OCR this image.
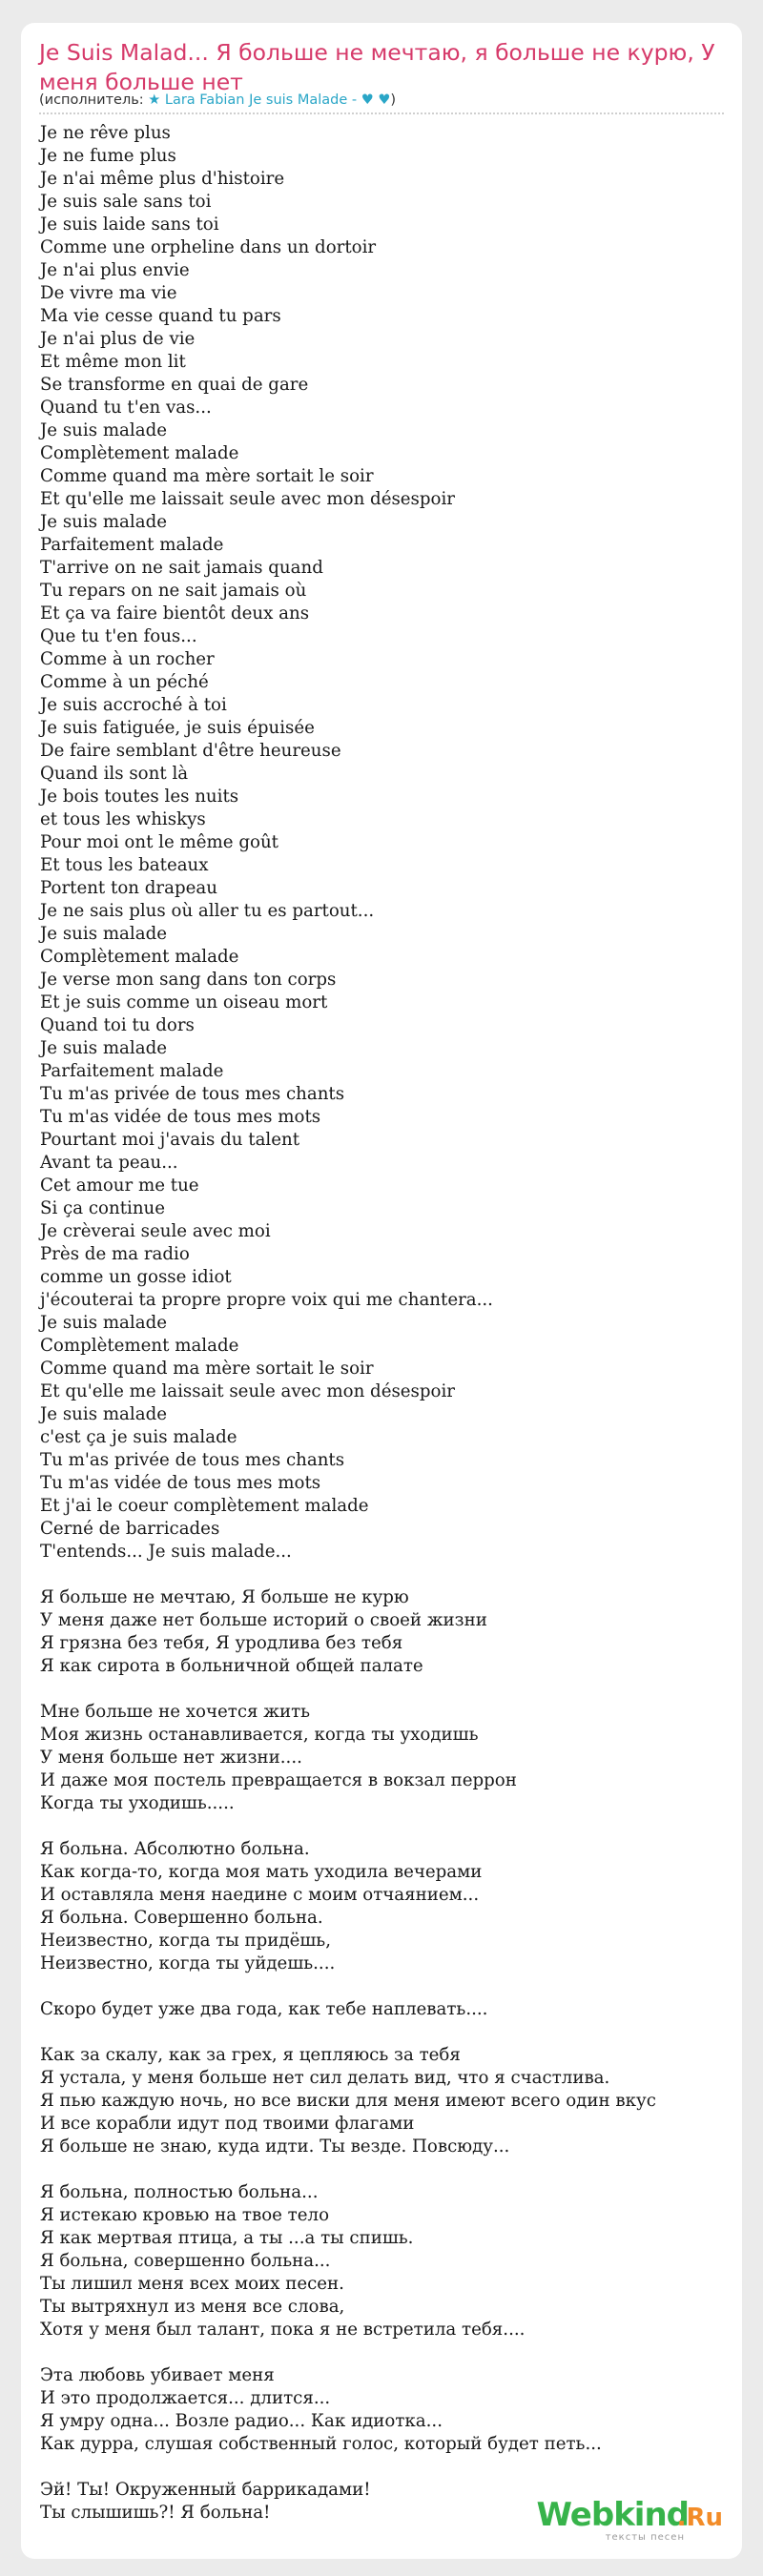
Je Suis Malad... Я больше не мечтаю, я больше не курю, У меня больше нет
(исполнитель: ★ Lara Fabian Je suis Malade - ♥ ♥)
Je ne rêve plus
Je ne fume plus
Je n'ai même plus d'histoire
Je suis sale sans toi
Je suis laide sans toi
Comme une orpheline dans un dortoir
Je n'ai plus envie
De vivre ma vie
Ma vie cesse quand tu pars
Je n'ai plus de vie
Et même mon lit
Se transforme en quai de gare
Quand tu t'en vas...
Je suis malade
Complètement malade
Comme quand ma mère sortait le soir
Et qu'elle me laissait seule avec mon désespoir
Je suis malade
Parfaitement malade
T'arrive on ne sait jamais quand
Tu repars on ne sait jamais où
Et ça va faire bientôt deux ans
Que tu t'en fous...
Comme à un rocher
Comme à un péché
Je suis accroché à toi
Je suis fatiguée, je suis épuisée
De faire semblant d'être heureuse
Quand ils sont là
Je bois toutes les nuits
et tous les whiskys
Pour moi ont le même goût
Et tous les bateaux
Portent ton drapeau
Je ne sais plus où aller tu es partout...
Je suis malade
Complètement malade
Je verse mon sang dans ton corps
Et je suis comme un oiseau mort
Quand toi tu dors
Je suis malade
Parfaitement malade
Tu m'as privée de tous mes chants
Tu m'as vidée de tous mes mots
Pourtant moi j'avais du talent
Avant ta peau...
Cet amour me tue
Si ça continue
Je crèverai seule avec moi
Près de ma radio
comme un gosse idiot
j'écouterai ta propre propre voix qui me chantera...
Je suis malade
Complètement malade
Comme quand ma mère sortait le soir
Et qu'elle me laissait seule avec mon désespoir
Je suis malade
c'est ça je suis malade
Tu m'as privée de tous mes chants
Tu m'as vidée de tous mes mots
Et j'ai le coeur complètement malade
Cerné de barricades
T'entends... Je suis malade...
Я больше не мечтаю, Я больше не курю
У меня даже нет больше историй о своей жизни
Я грязна без тебя, Я уродлива без тебя
Я как сирота в больничной общей палате
Мне больше не хочется жить
Моя жизнь останавливается, когда ты уходишь
У меня больше нет жизни....
И даже моя постель превращается в вокзал перрон
Когда ты уходишь.....
Я больна. Абсолютно больна.
Как когда-то, когда моя мать уходила вечерами
И оставляла меня наедине с моим отчаянием...
Я больна. Совершенно больна.
Неизвестно, когда ты придёшь,
Неизвестно, когда ты уйдешь....
Скоро будет уже два года, как тебе наплевать....
Как за скалу, как за грех, я цепляюсь за тебя
Я устала, у меня больше нет сил делать вид, что я счастлива.
Я пью каждую ночь, но все виски для меня имеют всего один вкус
И все корабли идут под твоими флагами
Я больше не знаю, куда идти. Ты везде. Повсюду...
Я больна, полностью больна...
Я истекаю кровью на твое тело
Я как мертвая птица, а ты ...а ты спишь.
Я больна, совершенно больна...
Ты лишил меня всех моих песен.
Ты вытряхнул из меня все слова,
Хотя у меня был талант, пока я не встретила тебя....
Эта любовь убивает меня
И это продолжается... длится...
Я умру одна... Возле радио... Как идиотка...
Как дурра, слушая собственный голос, который будет петь...
Эй! Ты! Окруженный баррикадами!
Ты слышишь?! Я больна!	Webkind
.Ru
тексты песен
